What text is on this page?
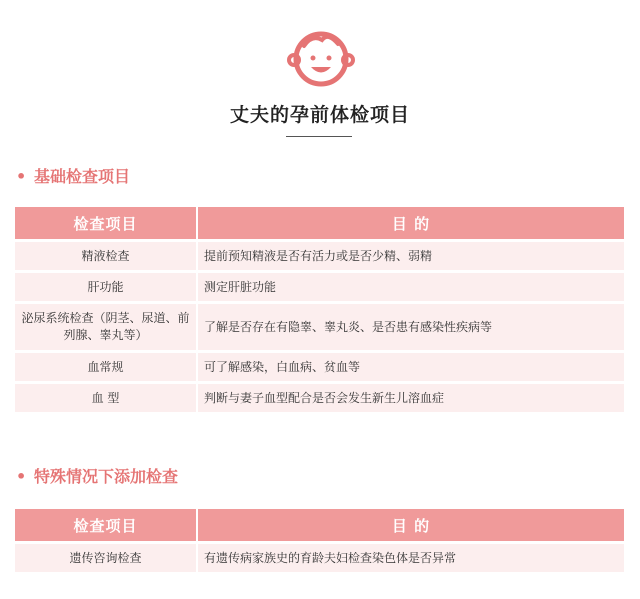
丈夫的孕前体检项目
• 基础检查项目
检查项目	目 的
精液检查	提前预知精液是否有活力或是否少精、弱精
肝功能	测定肝脏功能
泌尿系统检查（阴茎、尿道、前列腺、睾丸等）	了解是否存在有隐睾、睾丸炎、是否患有感染性疾病等
血常规	可了解感染，白血病、贫血等
血 型	判断与妻子血型配合是否会发生新生儿溶血症
• 特殊情况下添加检查
检查项目	目 的
遗传咨询检查	有遗传病家族史的育龄夫妇检查染色体是否异常
